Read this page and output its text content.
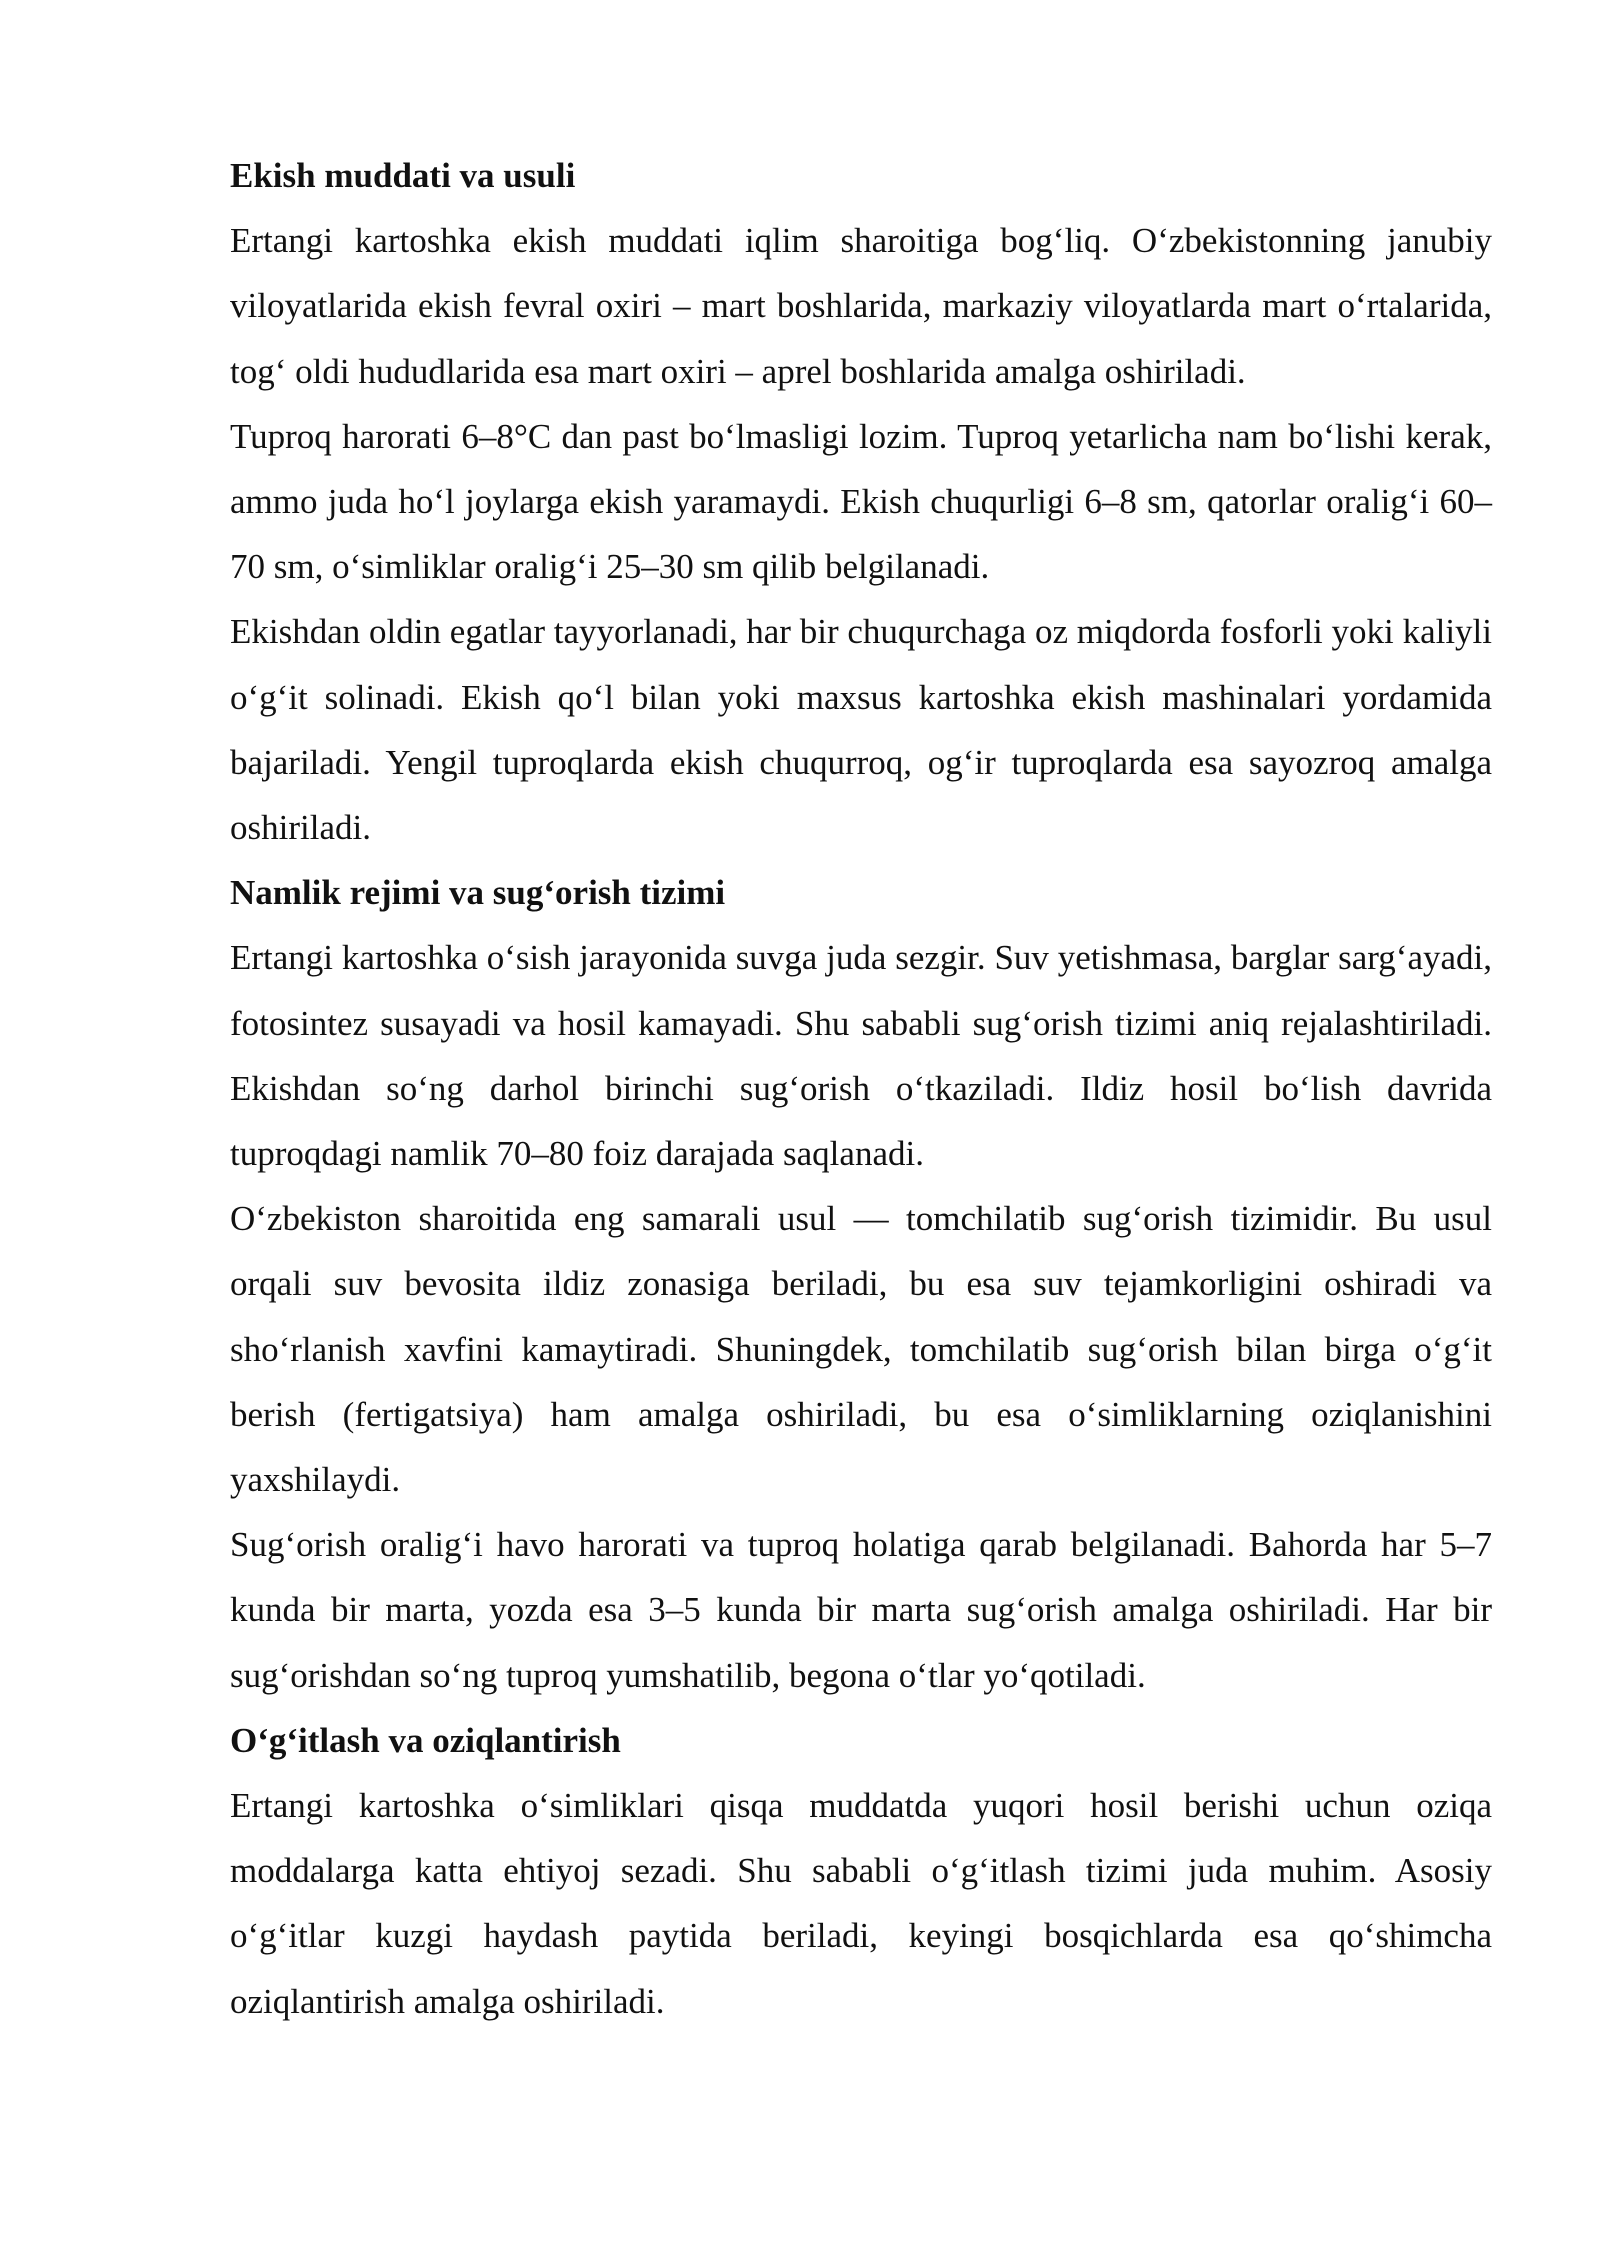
Ekish muddati va usuli

Ertangi kartoshka ekish muddati iqlim sharoitiga bog‘liq. O‘zbekistonning janubiy viloyatlarida ekish fevral oxiri – mart boshlarida, markaziy viloyatlarda mart o‘rtalarida, tog‘ oldi hududlarida esa mart oxiri – aprel boshlarida amalga oshiriladi.

Tuproq harorati 6–8°C dan past bo‘lmasligi lozim. Tuproq yetarlicha nam bo‘lishi kerak, ammo juda ho‘l joylarga ekish yaramaydi. Ekish chuqurligi 6–8 sm, qatorlar oralig‘i 60–70 sm, o‘simliklar oralig‘i 25–30 sm qilib belgilanadi.

Ekishdan oldin egatlar tayyorlanadi, har bir chuqurchaga oz miqdorda fosforli yoki kaliyli o‘g‘it solinadi. Ekish qo‘l bilan yoki maxsus kartoshka ekish mashinalari yordamida bajariladi. Yengil tuproqlarda ekish chuqurroq, og‘ir tuproqlarda esa sayozroq amalga oshiriladi.

Namlik rejimi va sug‘orish tizimi

Ertangi kartoshka o‘sish jarayonida suvga juda sezgir. Suv yetishmasa, barglar sarg‘ayadi, fotosintez susayadi va hosil kamayadi. Shu sababli sug‘orish tizimi aniq rejalashtiriladi. Ekishdan so‘ng darhol birinchi sug‘orish o‘tkaziladi. Ildiz hosil bo‘lish davrida tuproqdagi namlik 70–80 foiz darajada saqlanadi.

O‘zbekiston sharoitida eng samarali usul — tomchilatib sug‘orish tizimidir. Bu usul orqali suv bevosita ildiz zonasiga beriladi, bu esa suv tejamkorligini oshiradi va sho‘rlanish xavfini kamaytiradi. Shuningdek, tomchilatib sug‘orish bilan birga o‘g‘it berish (fertigatsiya) ham amalga oshiriladi, bu esa o‘simliklarning oziqlanishini yaxshilaydi.

Sug‘orish oralig‘i havo harorati va tuproq holatiga qarab belgilanadi. Bahorda har 5–7 kunda bir marta, yozda esa 3–5 kunda bir marta sug‘orish amalga oshiriladi. Har bir sug‘orishdan so‘ng tuproq yumshatilib, begona o‘tlar yo‘qotiladi.

O‘g‘itlash va oziqlantirish

Ertangi kartoshka o‘simliklari qisqa muddatda yuqori hosil berishi uchun oziqa moddalarga katta ehtiyoj sezadi. Shu sababli o‘g‘itlash tizimi juda muhim. Asosiy o‘g‘itlar kuzgi haydash paytida beriladi, keyingi bosqichlarda esa qo‘shimcha oziqlantirish amalga oshiriladi.
